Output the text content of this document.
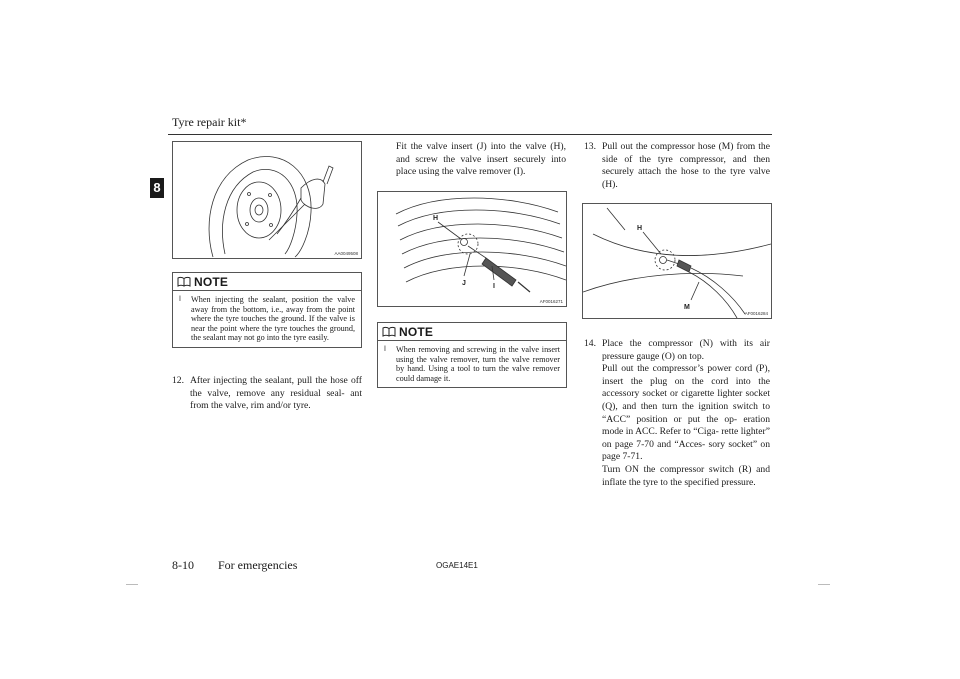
Tyre repair kit*
8
AA0049508
NOTE
l	When injecting the sealant, position the valve away from the bottom, i.e., away from the point where the tyre touches the ground. If the valve is near the point where the tyre touches the ground, the sealant may not go into the tyre easily.
12. After injecting the sealant, pull the hose off the valve, remove any residual seal- ant from the valve, rim and/or tyre.
Fit the valve insert (J) into the valve (H), and screw the valve insert securely into place using the valve remover (I).
H
J	I
AF0016271
NOTE
l	When removing and screwing in the valve insert using the valve remover, turn the valve remover by hand. Using a tool to turn the valve remover could damage it.
13. Pull out the compressor hose (M) from the side of the tyre compressor, and then securely attach the hose to the tyre valve (H).
H
M
AF0016284
14. Place the compressor (N) with its air pressure gauge (O) on top.
Pull out the compressor’s power cord (P), insert the plug on the cord into the accessory socket or cigarette lighter socket (Q), and then turn the ignition switch to “ACC” position or put the op- eration mode in ACC. Refer to “Ciga- rette lighter” on page 7-70 and “Acces- sory socket” on page 7-71.
Turn ON the compressor switch (R) and inflate the tyre to the specified pressure.
8-10 For emergencies	OGAE14E1
